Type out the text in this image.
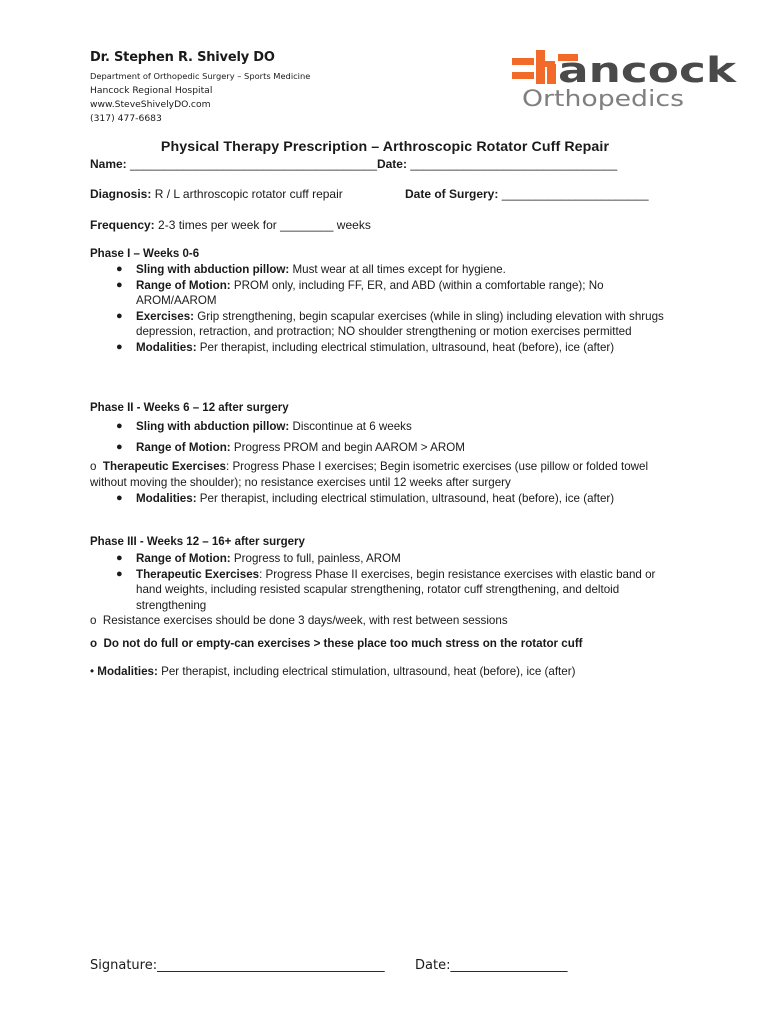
Dr. Stephen R. Shively DO

Department of Orthopedic Surgery – Sports Medicine

Hancock Regional Hospital

www.SteveShivelyDO.com

(317) 477-6683

ancock
Orthopedics
Physical Therapy Prescription – Arthroscopic Rotator Cuff Repair
Name: _____________________________________Date: _______________________________
Diagnosis: R / L arthroscopic rotator cuff repair	Date of Surgery: ______________________
Frequency: 2-3 times per week for ________ weeks

Phase I – Weeks 0-6

● Sling with abduction pillow: Must wear at all times except for hygiene.
● Range of Motion: PROM only, including FF, ER, and ABD (within a comfortable range); No AROM/AAROM
● Exercises: Grip strengthening, begin scapular exercises (while in sling) including elevation with shrugs depression, retraction, and protraction; NO shoulder strengthening or motion exercises permitted
● Modalities: Per therapist, including electrical stimulation, ultrasound, heat (before), ice (after)

Phase II - Weeks 6 – 12 after surgery

● Sling with abduction pillow: Discontinue at 6 weeks
● Range of Motion: Progress PROM and begin AAROM > AROM

o Therapeutic Exercises: Progress Phase I exercises; Begin isometric exercises (use pillow or folded towel without moving the shoulder); no resistance exercises until 12 weeks after surgery

● Modalities: Per therapist, including electrical stimulation, ultrasound, heat (before), ice (after)

Phase III - Weeks 12 – 16+ after surgery

● Range of Motion: Progress to full, painless, AROM
● Therapeutic Exercises: Progress Phase II exercises, begin resistance exercises with elastic band or hand weights, including resisted scapular strengthening, rotator cuff strengthening, and deltoid strengthening

o Resistance exercises should be done 3 days/week, with rest between sessions

o Do not do full or empty-can exercises > these place too much stress on the rotator cuff

• Modalities: Per therapist, including electrical stimulation, ultrasound, heat (before), ice (after)

Signature:___________________________________ Date:__________________
